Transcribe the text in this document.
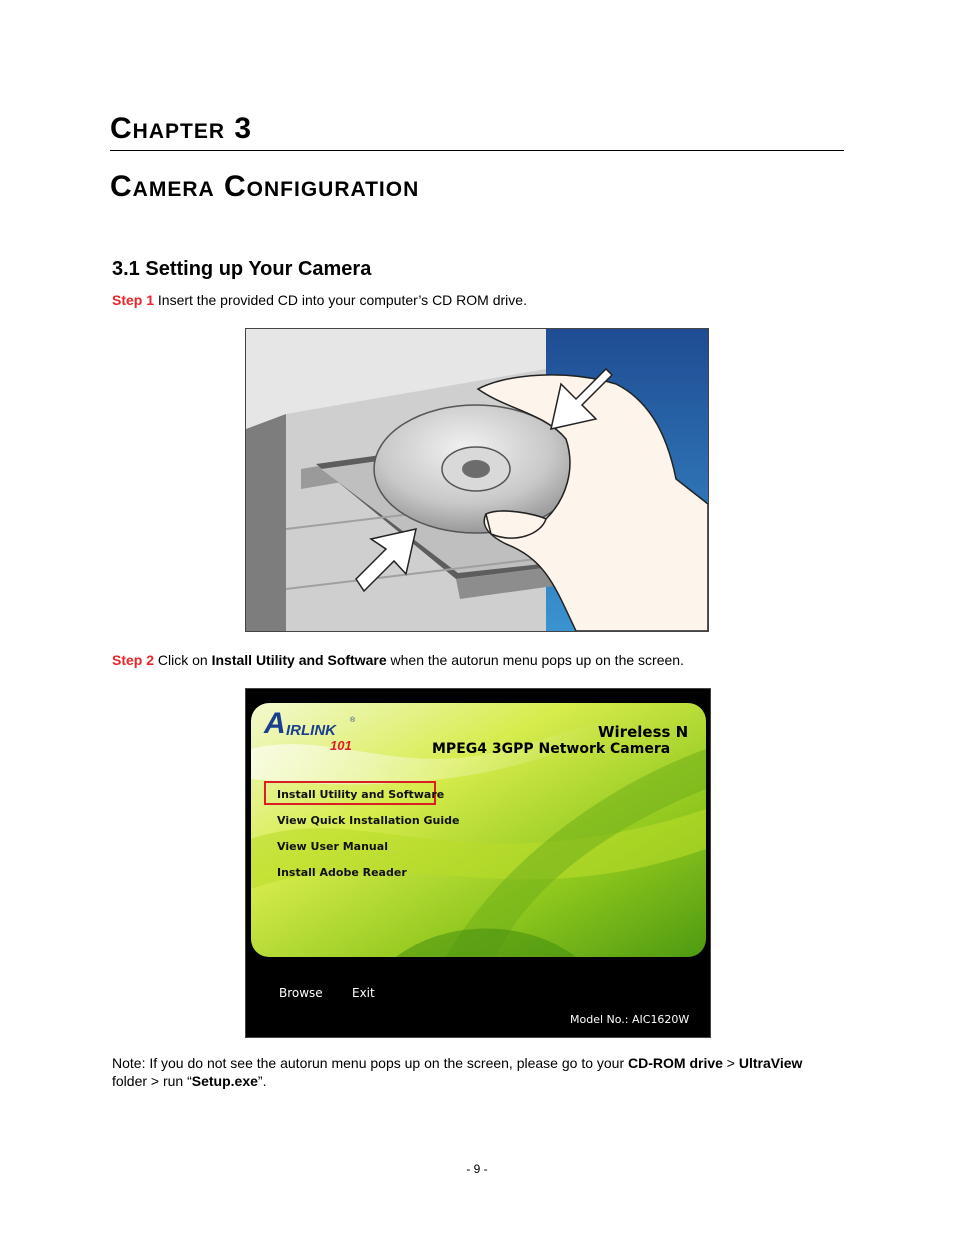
Chapter 3
Camera Configuration
3.1 Setting up Your Camera

Step 1 Insert the provided CD into your computer’s CD ROM drive.

Step 2 Click on Install Utility and Software when the autorun menu pops up on the screen.

A IRLINK
®
101
Wireless N
MPEG4 3GPP Network Camera
Install Utility and Software
View Quick Installation Guide
View User Manual
Install Adobe Reader
Browse Exit
Model No.: AIC1620W

Note: If you do not see the autorun menu pops up on the screen, please go to your CD-ROM drive > UltraView folder > run “Setup.exe”.

- 9 -
